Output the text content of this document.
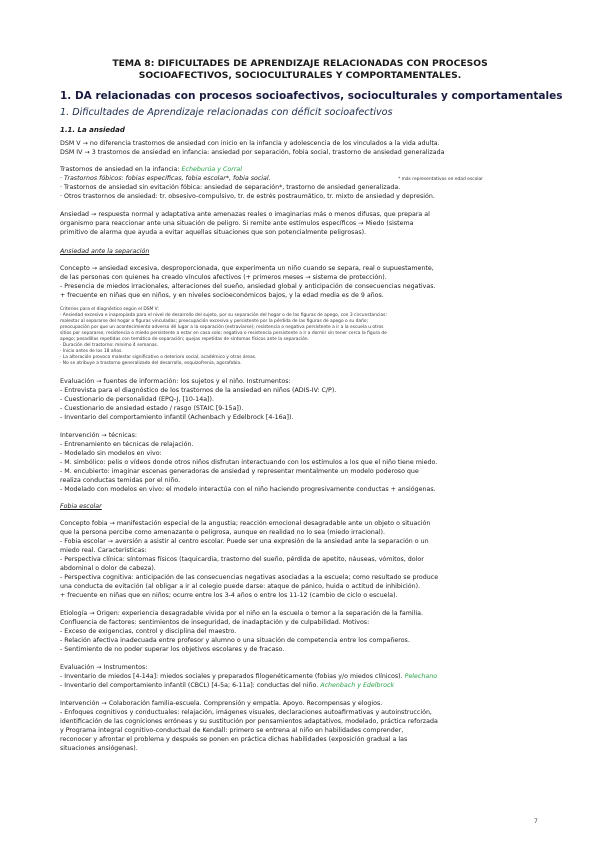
TEMA 8: DIFICULTADES DE APRENDIZAJE RELACIONADAS CON PROCESOS
SOCIOAFECTIVOS, SOCIOCULTURALES Y COMPORTAMENTALES.
1. DA relacionadas con procesos socioafectivos, socioculturales y comportamentales
1. Dificultades de Aprendizaje relacionadas con déficit socioafectivos
1.1. La ansiedad
DSM V → no diferencia trastornos de ansiedad con inicio en la infancia y adolescencia de los vinculados a la vida adulta.
DSM IV → 3 trastornos de ansiedad en infancia: ansiedad por separación, fobia social, trastorno de ansiedad generalizada
Trastornos de ansiedad en la infancia: Echeburúa y Corral
· Trastornos fóbicos: fobias específicas, fobia escolar*, fobia social.	* más representativos en edad escolar
· Trastornos de ansiedad sin evitación fóbica: ansiedad de separación*, trastorno de ansiedad generalizada.
· Otros trastornos de ansiedad: tr. obsesivo-compulsivo, tr. de estrés postraumático, tr. mixto de ansiedad y depresión.
Ansiedad → respuesta normal y adaptativa ante amenazas reales o imaginarias más o menos difusas, que prepara al
organismo para reaccionar ante una situación de peligro. Si remite ante estímulos específicos → Miedo (sistema
primitivo de alarma que ayuda a evitar aquellas situaciones que son potencialmente peligrosas).
Ansiedad ante la separación
Concepto → ansiedad excesiva, desproporcionada, que experimenta un niño cuando se separa, real o supuestamente,
de las personas con quienes ha creado vínculos afectivos (+ primeros meses → sistema de protección).
- Presencia de miedos irracionales, alteraciones del sueño, ansiedad global y anticipación de consecuencias negativas.
+ frecuente en niñas que en niños, y en niveles socioeconómicos bajos, y la edad media es de 9 años.
Criterios para el diagnóstico según el DSM V:
· Ansiedad excesiva e inapropiada para el nivel de desarrollo del sujeto, por su separación del hogar o de las figuras de apego, con 3 circunstancias:
malestar al separarse del hogar o figuras vinculadas; preocupación excesiva y persistente por la pérdida de las figuras de apego o su daño;
preocupación por que un acontecimiento adverso dé lugar a la separación (extraviarse); resistencia o negativa persistente a ir a la escuela u otros
sitios por separarse; resistencia o miedo persistente a estar en casa solo; negativa o resistencia persistente a ir a dormir sin tener cerca la figura de
apego; pesadillas repetidas con temática de separación; quejas repetidas de síntomas físicos ante la separación.
· Duración del trastorno: mínimo 4 semanas.
· Inicio antes de los 18 años.
· La alteración provoca malestar significativo o deterioro social, académico y otras áreas.
· No se atribuye a trastorno generalizado del desarrollo, esquizofrenia, agorafobia.
Evaluación → fuentes de información: los sujetos y el niño. Instrumentos:
- Entrevista para el diagnóstico de los trastornos de la ansiedad en niños (ADIS-IV: C/P).
- Cuestionario de personalidad (EPQ-J, [10-14a]).
- Cuestionario de ansiedad estado / rasgo (STAIC [9-15a]).
- Inventario del comportamiento infantil (Achenbach y Edelbrock [4-16a]).
Intervención → técnicas:
- Entrenamiento en técnicas de relajación.
- Modelado sin modelos en vivo:
- M. simbólico: pelis o vídeos donde otros niños disfrutan interactuando con los estímulos a los que el niño tiene miedo.
- M. encubierto: imaginar escenas generadoras de ansiedad y representar mentalmente un modelo poderoso que
realiza conductas temidas por el niño.
- Modelado con modelos en vivo: el modelo interactúa con el niño haciendo progresivamente conductas + ansiógenas.
Fobia escolar
Concepto fobia → manifestación especial de la angustia; reacción emocional desagradable ante un objeto o situación
que la persona percibe como amenazante o peligrosa, aunque en realidad no lo sea (miedo irracional).
- Fobia escolar → aversión a asistir al centro escolar. Puede ser una expresión de la ansiedad ante la separación o un
miedo real. Características:
- Perspectiva clínica: síntomas físicos (taquicardia, trastorno del sueño, pérdida de apetito, náuseas, vómitos, dolor
abdominal o dolor de cabeza).
- Perspectiva cognitiva: anticipación de las consecuencias negativas asociadas a la escuela; como resultado se produce
una conducta de evitación (al obligar a ir al colegio puede darse: ataque de pánico, huida o actitud de inhibición).
+ frecuente en niñas que en niños; ocurre entre los 3-4 años o entre los 11-12 (cambio de ciclo o escuela).
Etiología → Origen: experiencia desagradable vivida por el niño en la escuela o temor a la separación de la familia.
Confluencia de factores: sentimientos de inseguridad, de inadaptación y de culpabilidad. Motivos:
- Exceso de exigencias, control y disciplina del maestro.
- Relación afectiva inadecuada entre profesor y alumno o una situación de competencia entre los compañeros.
- Sentimiento de no poder superar los objetivos escolares y de fracaso.
Evaluación → Instrumentos:
- Inventario de miedos [4-14a]: miedos sociales y preparados filogenéticamente (fobias y/o miedos clínicos). Pelechano
- Inventario del comportamiento infantil (CBCL) [4-5a; 6-11a]: conductas del niño. Achenbach y Edelbrock
Intervención → Colaboración familia-escuela. Comprensión y empatía. Apoyo. Recompensas y elogios.
- Enfoques cognitivos y conductuales: relajación, imágenes visuales, declaraciones autoafirmativas y autoinstrucción,
identificación de las cogniciones erróneas y su sustitución por pensamientos adaptativos, modelado, práctica reforzada
y Programa integral cognitivo-conductual de Kendall: primero se entrena al niño en habilidades comprender,
reconocer y afrontar el problema y después se ponen en práctica dichas habilidades (exposición gradual a las
situaciones ansiógenas).
7
